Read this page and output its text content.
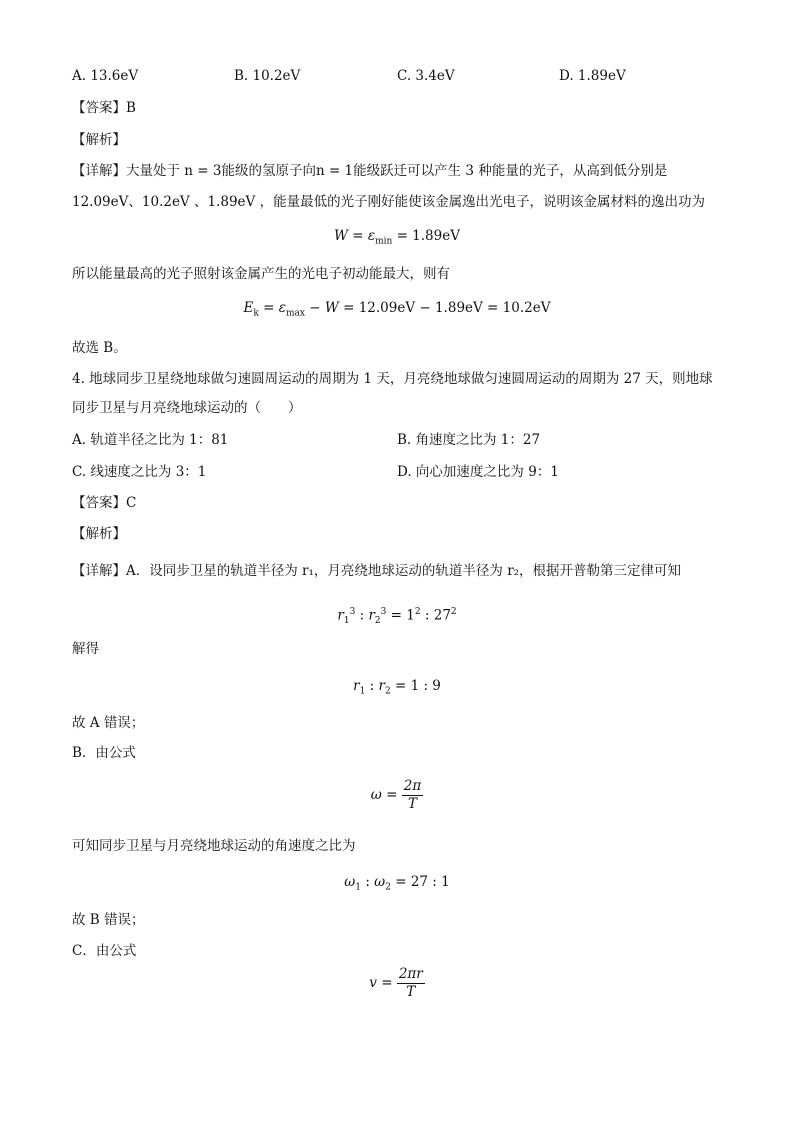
A. 13.6eV	B. 10.2eV	C. 3.4eV	D. 1.89eV
【答案】B
【解析】
【详解】大量处于 n = 3能级的氢原子向n = 1能级跃迁可以产生 3 种能量的光子，从高到低分别是
12.09eV、10.2eV 、1.89eV ，能量最低的光子刚好能使该金属逸出光电子，说明该金属材料的逸出功为
$W = \varepsilon_{min} = 1.89eV$
所以能量最高的光子照射该金属产生的光电子初动能最大，则有
$E_k = \varepsilon_{max} - W = 12.09eV - 1.89eV = 10.2eV$
故选 B。
4. 地球同步卫星绕地球做匀速圆周运动的周期为 1 天，月亮绕地球做匀速圆周运动的周期为 27 天，则地球
同步卫星与月亮绕地球运动的（　　）
A. 轨道半径之比为 1：81	B. 角速度之比为 1：27
C. 线速度之比为 3：1	D. 向心加速度之比为 9：1
【答案】C
【解析】
【详解】A．设同步卫星的轨道半径为 r₁，月亮绕地球运动的轨道半径为 r₂，根据开普勒第三定律可知
$r_1^3$ : $r_2^3 = 1^2$ : $27^2$
解得
$r_1$ : $r_2 = 1$ : 9
故 A 错误；
B．由公式
$\omega = \frac{2\pi}{T}$
可知同步卫星与月亮绕地球运动的角速度之比为
$\omega_1$ : $\omega_2 = 27$ : 1
故 B 错误；
C．由公式
$v = \frac{2\pi r}{T}$
